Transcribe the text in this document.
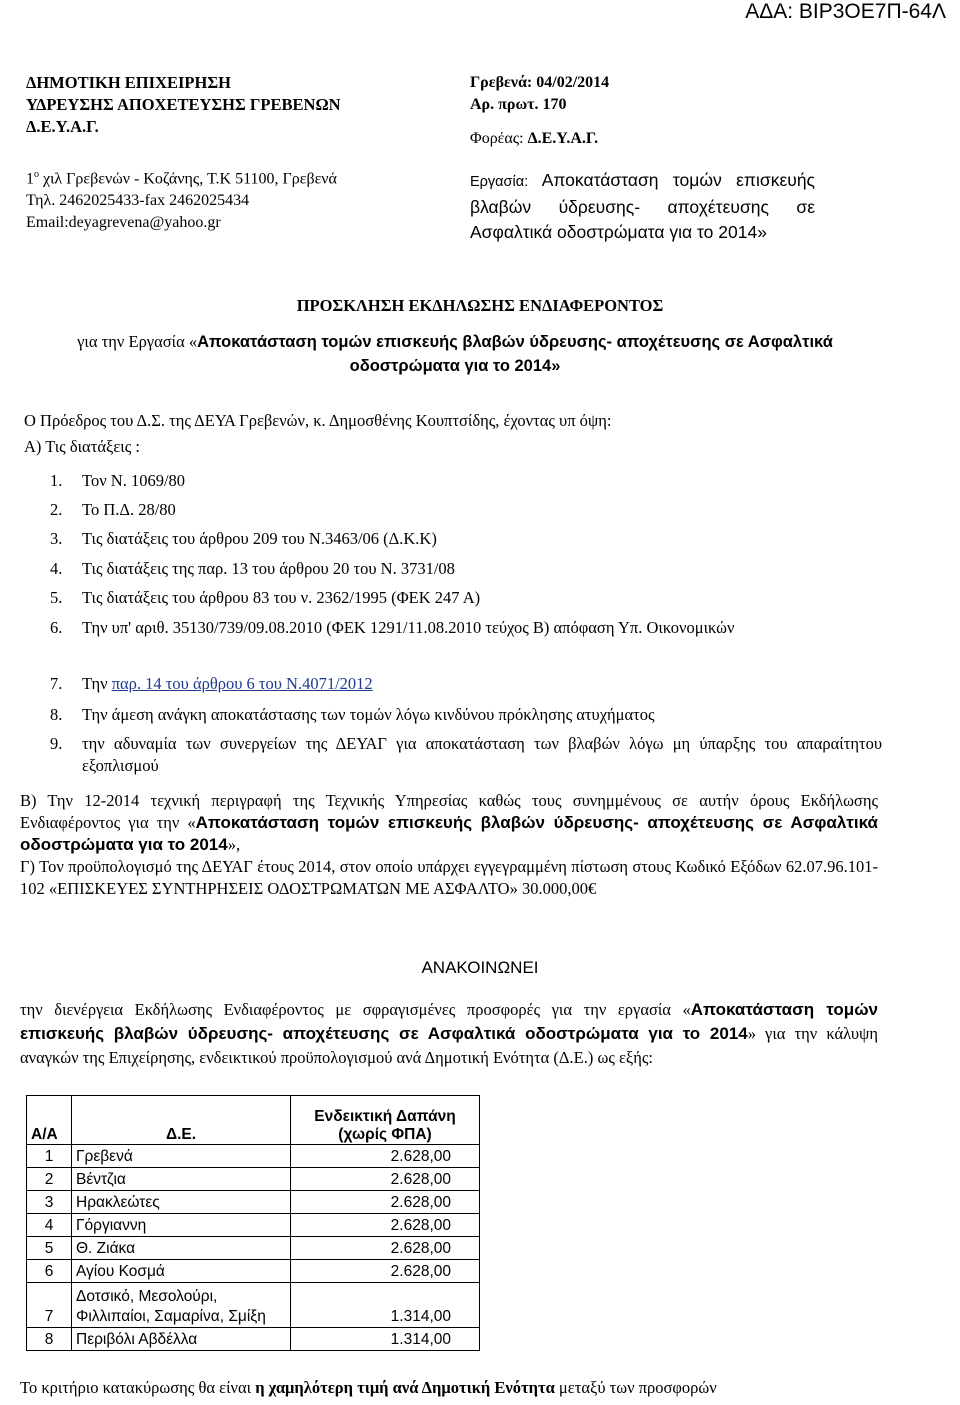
ΑΔΑ: ΒΙΡ3ΟΕ7Π-64Λ
ΔΗΜΟΤΙΚΗ ΕΠΙΧΕΙΡΗΣΗ
ΥΔΡΕΥΣΗΣ ΑΠΟΧΕΤΕΥΣΗΣ ΓΡΕΒΕΝΩΝ
Δ.Ε.Υ.Α.Γ.
$1^o$ χιλ Γρεβενών - Κοζάνης, Τ.Κ 51100, Γρεβενά
Τηλ. 2462025433-fax 2462025434
Email:deyagrevena@yahoo.gr
Γρεβενά: 04/02/2014
Αρ. πρωτ. 170
Φορέας: Δ.Ε.Υ.Α.Γ.
Εργασία: Αποκατάσταση τομών επισκευής βλαβών ύδρευσης- αποχέτευσης σε Ασφαλτικά οδοστρώματα για το 2014»
ΠΡΟΣΚΛΗΣΗ ΕΚΔΗΛΩΣΗΣ ΕΝΔΙΑΦΕΡΟΝΤΟΣ
για την Εργασία «Αποκατάσταση τομών επισκευής βλαβών ύδρευσης- αποχέτευσης σε Ασφαλτικά οδοστρώματα για το 2014»
Ο Πρόεδρος του Δ.Σ. της ΔΕΥΑ Γρεβενών, κ. Δημοσθένης Κουπτσίδης, έχοντας υπ όψη:
Α) Τις διατάξεις :
1. Τον Ν. 1069/80
2. Το Π.Δ. 28/80
3. Τις διατάξεις του άρθρου 209 του Ν.3463/06 (Δ.Κ.Κ)
4. Τις διατάξεις της παρ. 13 του άρθρου 20 του Ν. 3731/08
5. Τις διατάξεις του άρθρου 83 του ν. 2362/1995 (ΦΕΚ 247 Α)
6. Την υπ' αριθ. 35130/739/09.08.2010 (ΦΕΚ 1291/11.08.2010 τεύχος Β) απόφαση Υπ. Οικονομικών
7. Την παρ. 14 του άρθρου 6 του Ν.4071/2012
8. Την άμεση ανάγκη αποκατάστασης των τομών λόγω κινδύνου πρόκλησης ατυχήματος
9. την αδυναμία των συνεργείων της ΔΕΥΑΓ για αποκατάσταση των βλαβών λόγω μη ύπαρξης του απαραίτητου εξοπλισμού
Β) Την 12-2014 τεχνική περιγραφή της Τεχνικής Υπηρεσίας καθώς τους συνημμένους σε αυτήν όρους Εκδήλωσης Ενδιαφέροντος για την «Αποκατάσταση τομών επισκευής βλαβών ύδρευσης- αποχέτευσης σε Ασφαλτικά οδοστρώματα για το 2014»,
Γ) Τον προϋπολογισμό της ΔΕΥΑΓ έτους 2014, στον οποίο υπάρχει εγγεγραμμένη πίστωση στους Κωδικό Εξόδων 62.07.96.101-102 «ΕΠΙΣΚΕΥΕΣ ΣΥΝΤΗΡΗΣΕΙΣ ΟΔΟΣΤΡΩΜΑΤΩΝ ΜΕ ΑΣΦΑΛΤΟ» 30.000,00€
ΑΝΑΚΟΙΝΩΝΕΙ
την διενέργεια Εκδήλωσης Ενδιαφέροντος με σφραγισμένες προσφορές για την εργασία «Αποκατάσταση τομών επισκευής βλαβών ύδρευσης- αποχέτευσης σε Ασφαλτικά οδοστρώματα για το 2014» για την κάλυψη αναγκών της Επιχείρησης, ενδεικτικού προϋπολογισμού ανά Δημοτική Ενότητα (Δ.Ε.) ως εξής:
Α/Α	Δ.Ε.	Ενδεικτική Δαπάνη (χωρίς ΦΠΑ)
1	Γρεβενά	2.628,00
2	Βέντζια	2.628,00
3	Ηρακλεώτες	2.628,00
4	Γόργιαννη	2.628,00
5	Θ. Ζιάκα	2.628,00
6	Αγίου Κοσμά	2.628,00
7	Δοτσικό, Μεσολούρι, Φιλλιπαίοι, Σαμαρίνα, Σμίξη	1.314,00
8	Περιβόλι Αβδέλλα	1.314,00
Το κριτήριο κατακύρωσης θα είναι η χαμηλότερη τιμή ανά Δημοτική Ενότητα μεταξύ των προσφορών
